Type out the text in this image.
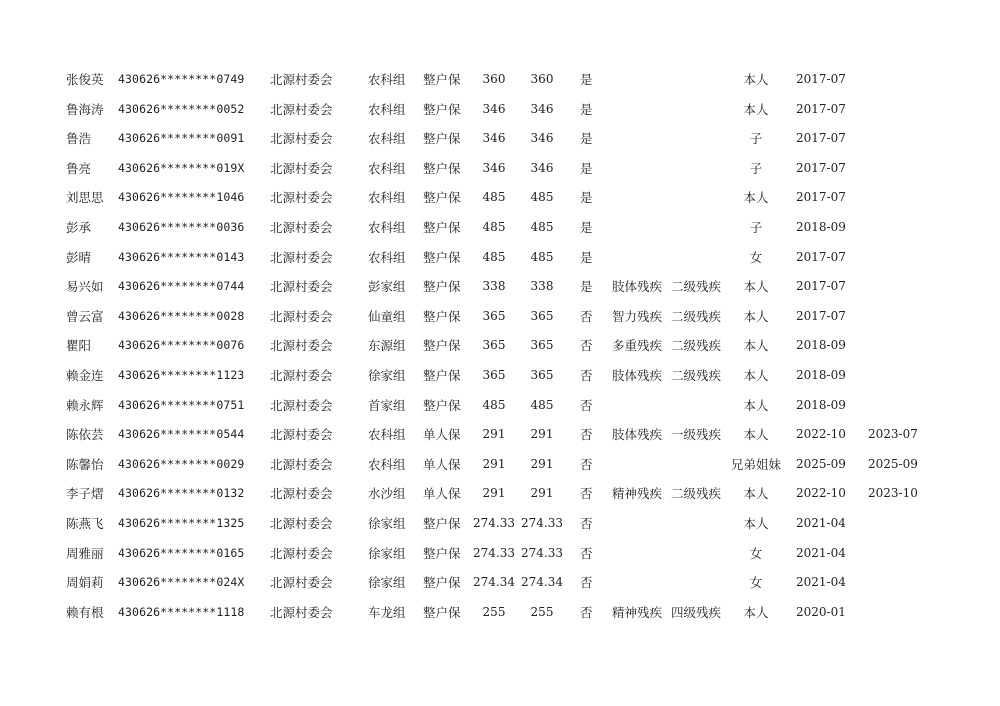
张俊英 430626********0749 北源村委会	农科组 整户保	360	360	是	本人	2017-07
鲁海涛 430626********0052 北源村委会	农科组 整户保	346	346	是	本人	2017-07
鲁浩 430626********0091 北源村委会	农科组 整户保	346	346	是	子	2017-07
鲁亮 430626********019X 北源村委会	农科组 整户保	346	346	是	子	2017-07
刘思思 430626********1046 北源村委会	农科组 整户保	485	485	是	本人	2017-07
彭承 430626********0036 北源村委会	农科组 整户保	485	485	是	子	2018-09
彭晴 430626********0143 北源村委会	农科组 整户保	485	485	是	女	2017-07
易兴如 430626********0744 北源村委会	彭家组 整户保	338	338	是 肢体残疾 二级残疾	本人	2017-07
曾云富 430626********0028 北源村委会	仙童组 整户保	365	365	否 智力残疾 二级残疾	本人	2017-07
瞿阳 430626********0076 北源村委会	东源组 整户保	365	365	否 多重残疾 二级残疾	本人	2018-09
赖金连 430626********1123 北源村委会	徐家组 整户保	365	365	否 肢体残疾 二级残疾	本人	2018-09
赖永辉 430626********0751 北源村委会	首家组 整户保	485	485	否	本人	2018-09
陈依芸 430626********0544 北源村委会	农科组 单人保	291	291	否 肢体残疾 一级残疾	本人	2022-10 2023-07
陈馨怡 430626********0029 北源村委会	农科组 单人保	291	291	否	兄弟姐妹	2025-09 2025-09
李子熠 430626********0132 北源村委会	水沙组 单人保	291	291	否 精神残疾 二级残疾	本人	2022-10 2023-10
陈燕飞 430626********1325 北源村委会	徐家组 整户保 274.33 274.33 否	本人	2021-04
周雅丽 430626********0165 北源村委会	徐家组 整户保 274.33 274.33 否	女	2021-04
周娟莉 430626********024X 北源村委会	徐家组 整户保 274.34 274.34 否	女	2021-04
赖有根 430626********1118 北源村委会	车龙组 整户保	255	255	否 精神残疾 四级残疾	本人	2020-01
